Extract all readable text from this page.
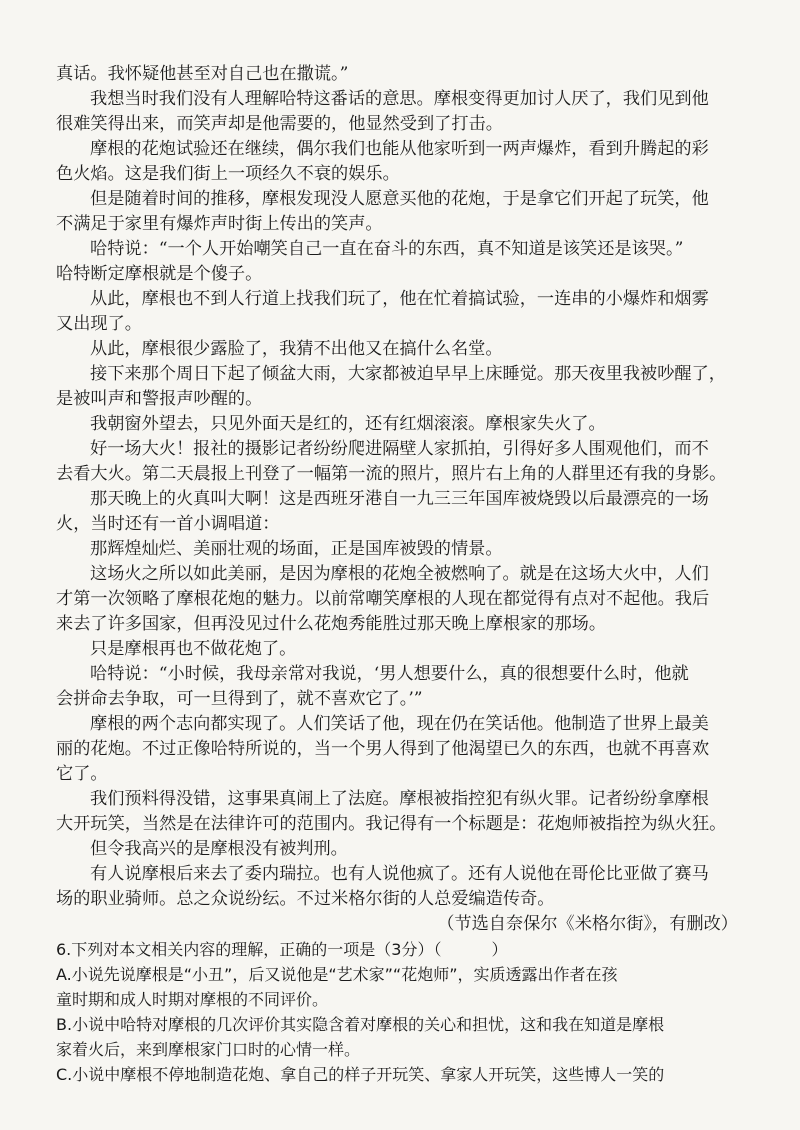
真话。我怀疑他甚至对自己也在撒谎。”

我想当时我们没有人理解哈特这番话的意思。摩根变得更加讨人厌了，我们见到他

很难笑得出来，而笑声却是他需要的，他显然受到了打击。

摩根的花炮试验还在继续，偶尔我们也能从他家听到一两声爆炸，看到升腾起的彩

色火焰。这是我们街上一项经久不衰的娱乐。

但是随着时间的推移，摩根发现没人愿意买他的花炮，于是拿它们开起了玩笑，他

不满足于家里有爆炸声时街上传出的笑声。

哈特说：“一个人开始嘲笑自己一直在奋斗的东西，真不知道是该笑还是该哭。”

哈特断定摩根就是个傻子。

从此，摩根也不到人行道上找我们玩了，他在忙着搞试验，一连串的小爆炸和烟雾

又出现了。

从此，摩根很少露脸了，我猜不出他又在搞什么名堂。

接下来那个周日下起了倾盆大雨，大家都被迫早早上床睡觉。那天夜里我被吵醒了，

是被叫声和警报声吵醒的。

我朝窗外望去，只见外面天是红的，还有红烟滚滚。摩根家失火了。

好一场大火！报社的摄影记者纷纷爬进隔壁人家抓拍，引得好多人围观他们，而不

去看大火。第二天晨报上刊登了一幅第一流的照片，照片右上角的人群里还有我的身影。

那天晚上的火真叫大啊！这是西班牙港自一九三三年国库被烧毁以后最漂亮的一场

火，当时还有一首小调唱道：

那辉煌灿烂、美丽壮观的场面，正是国库被毁的情景。

这场火之所以如此美丽，是因为摩根的花炮全被燃响了。就是在这场大火中，人们

才第一次领略了摩根花炮的魅力。以前常嘲笑摩根的人现在都觉得有点对不起他。我后

来去了许多国家，但再没见过什么花炮秀能胜过那天晚上摩根家的那场。

只是摩根再也不做花炮了。

哈特说：“小时候，我母亲常对我说，‘男人想要什么，真的很想要什么时，他就

会拼命去争取，可一旦得到了，就不喜欢它了。’”

摩根的两个志向都实现了。人们笑话了他，现在仍在笑话他。他制造了世界上最美

丽的花炮。不过正像哈特所说的，当一个男人得到了他渴望已久的东西，也就不再喜欢

它了。

我们预料得没错，这事果真闹上了法庭。摩根被指控犯有纵火罪。记者纷纷拿摩根

大开玩笑，当然是在法律许可的范围内。我记得有一个标题是：花炮师被指控为纵火狂。

但令我高兴的是摩根没有被判刑。

有人说摩根后来去了委内瑞拉。也有人说他疯了。还有人说他在哥伦比亚做了赛马

场的职业骑师。总之众说纷纭。不过米格尔街的人总爱编造传奇。

（节选自奈保尔《米格尔街》，有删改）

6.下列对本文相关内容的理解，正确的一项是（3分）（	）

A.小说先说摩根是“小丑”，后又说他是“艺术家”“花炮师”，实质透露出作者在孩

童时期和成人时期对摩根的不同评价。

B.小说中哈特对摩根的几次评价其实隐含着对摩根的关心和担忧，这和我在知道是摩根

家着火后，来到摩根家门口时的心情一样。

C.小说中摩根不停地制造花炮、拿自己的样子开玩笑、拿家人开玩笑，这些博人一笑的
